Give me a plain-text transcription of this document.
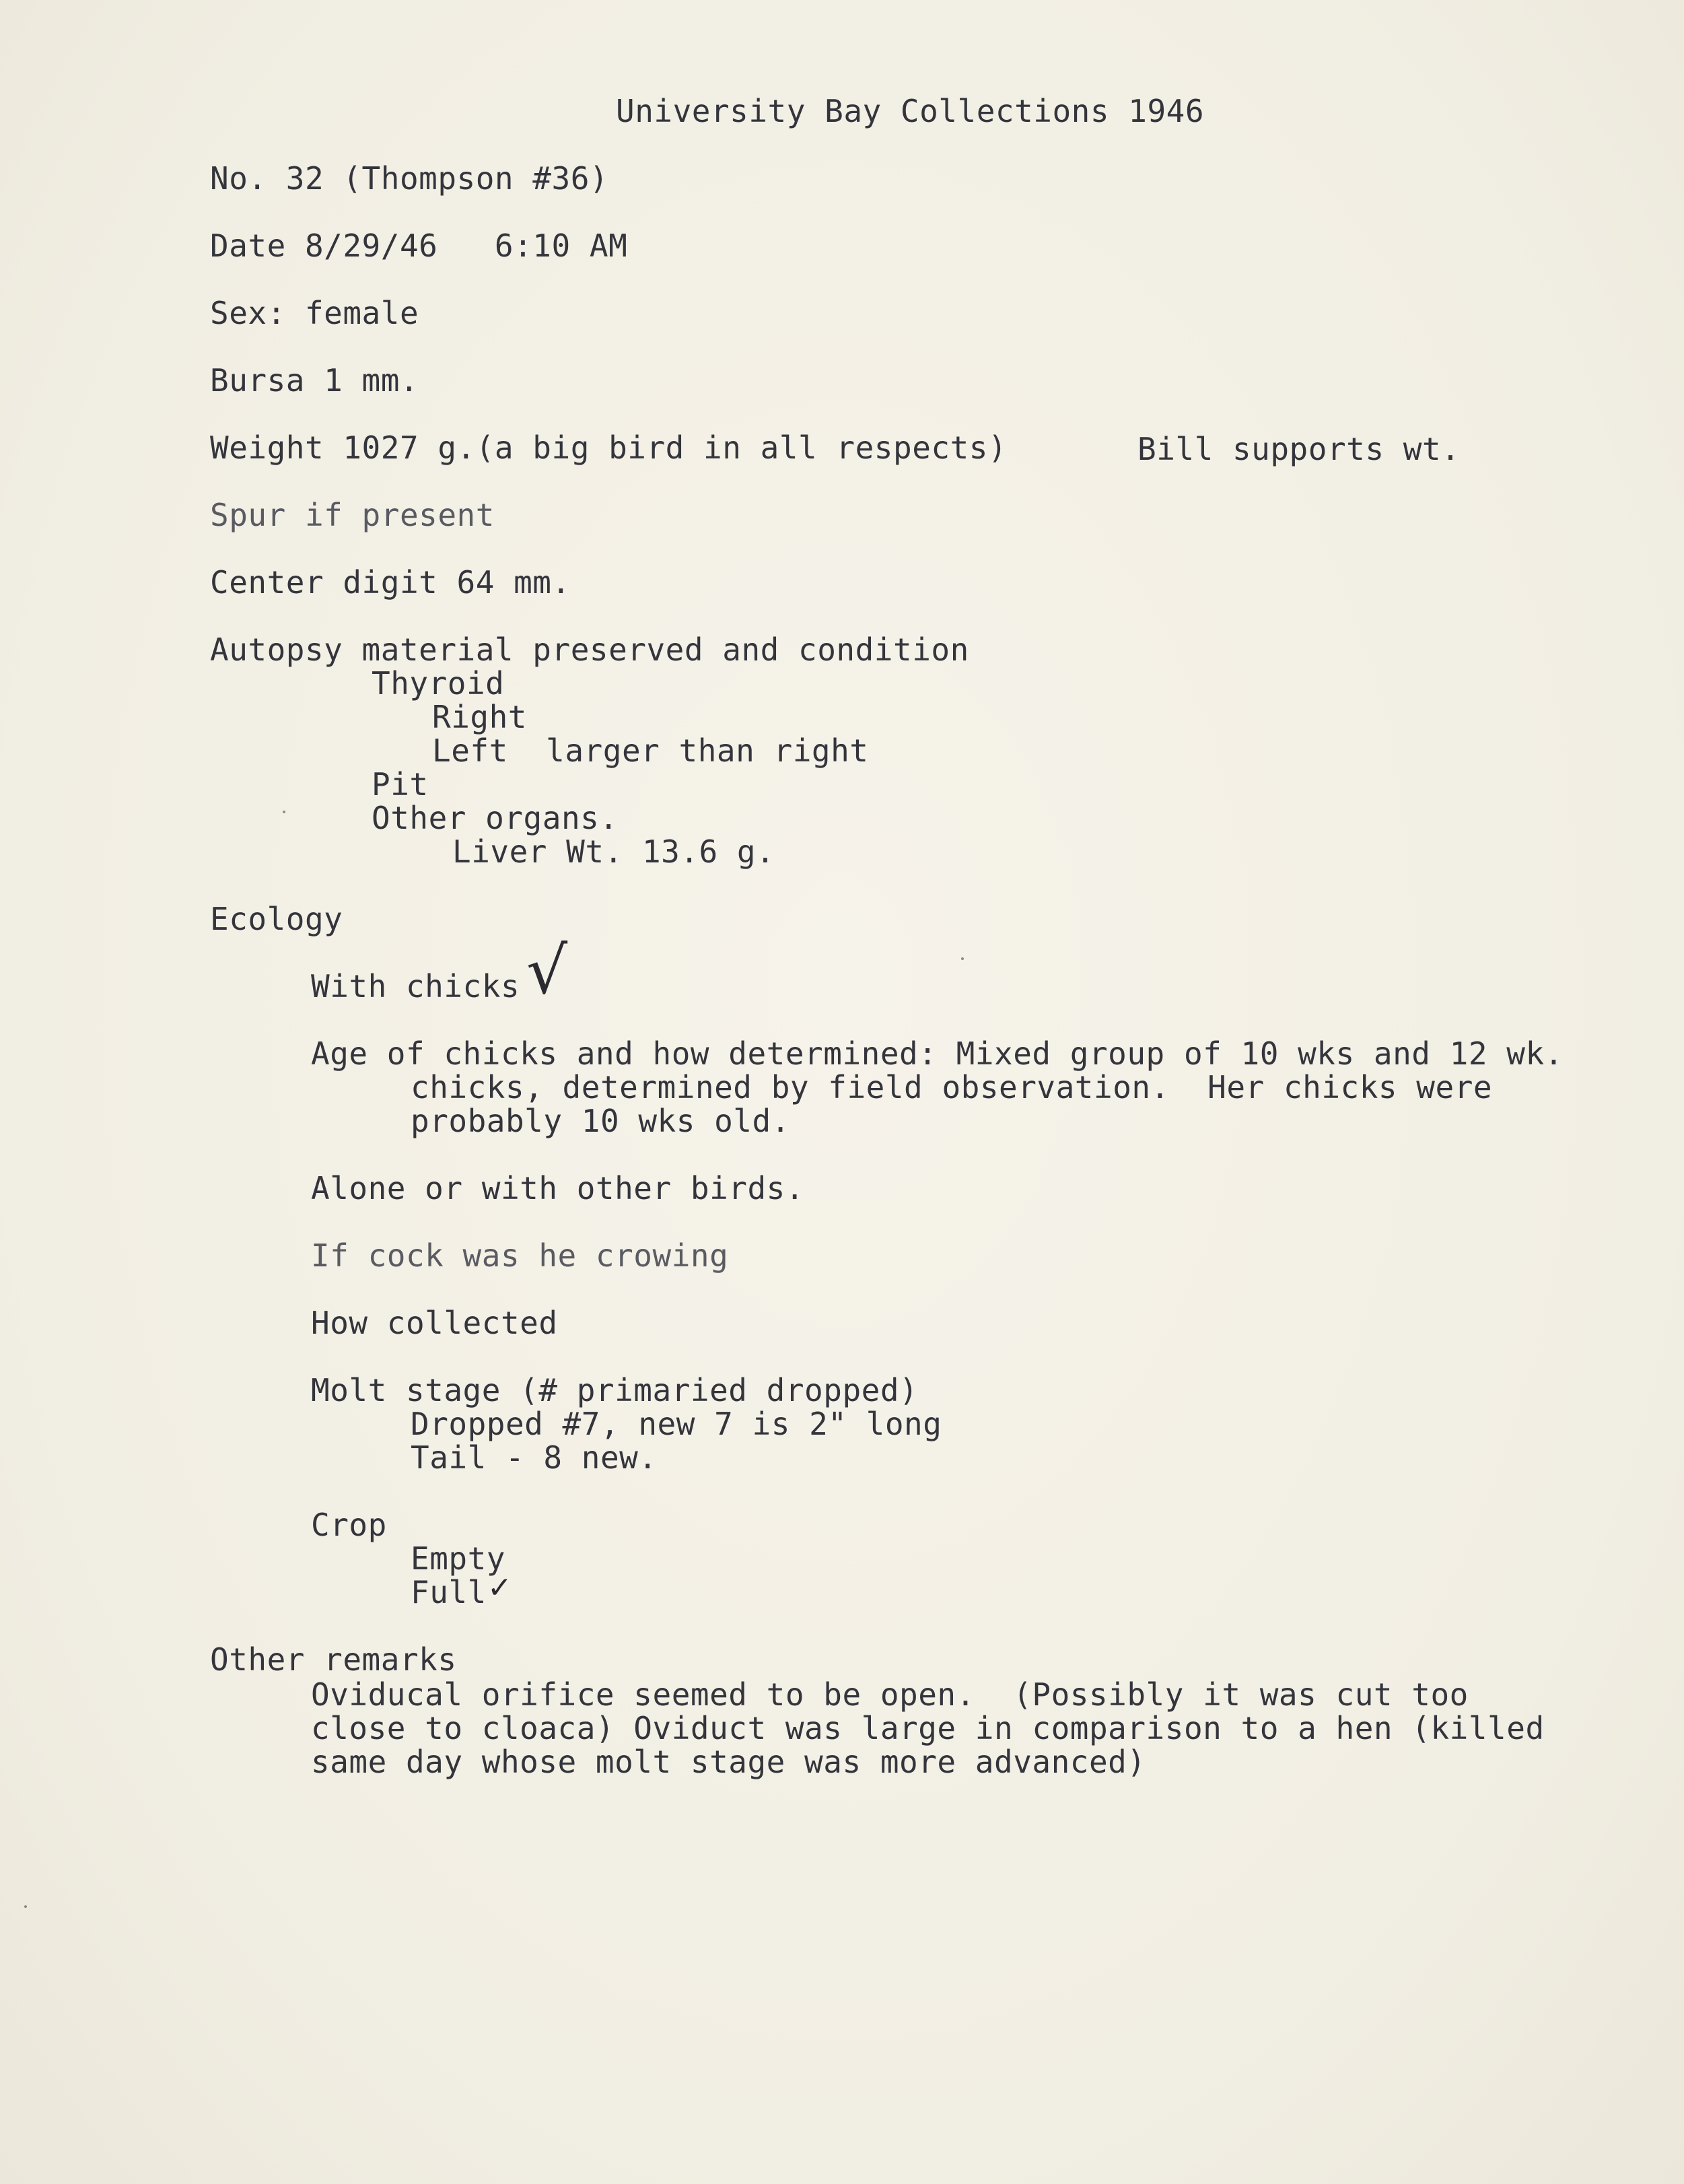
University Bay Collections 1946
No. 32 (Thompson #36)
Date 8/29/46   6:10 AM
Sex: female
Bursa 1 mm.
Weight 1027 g.(a big bird in all respects)	Bill supports wt.
Spur if present
Center digit 64 mm.
Autopsy material preserved and condition
Thyroid
Right
Left  larger than right
Pit
Other organs.
Liver Wt. 13.6 g.
Ecology
With chicks √
Age of chicks and how determined: Mixed group of 10 wks and 12 wk.
chicks, determined by field observation.  Her chicks were
probably 10 wks old.
Alone or with other birds.
If cock was he crowing
How collected
Molt stage (# primaried dropped)
Dropped #7, new 7 is 2" long
Tail - 8 new.
Crop
Empty
Full ✓
Other remarks
Oviducal orifice seemed to be open.  (Possibly it was cut too
close to cloaca) Oviduct was large in comparison to a hen (killed
same day whose molt stage was more advanced)
